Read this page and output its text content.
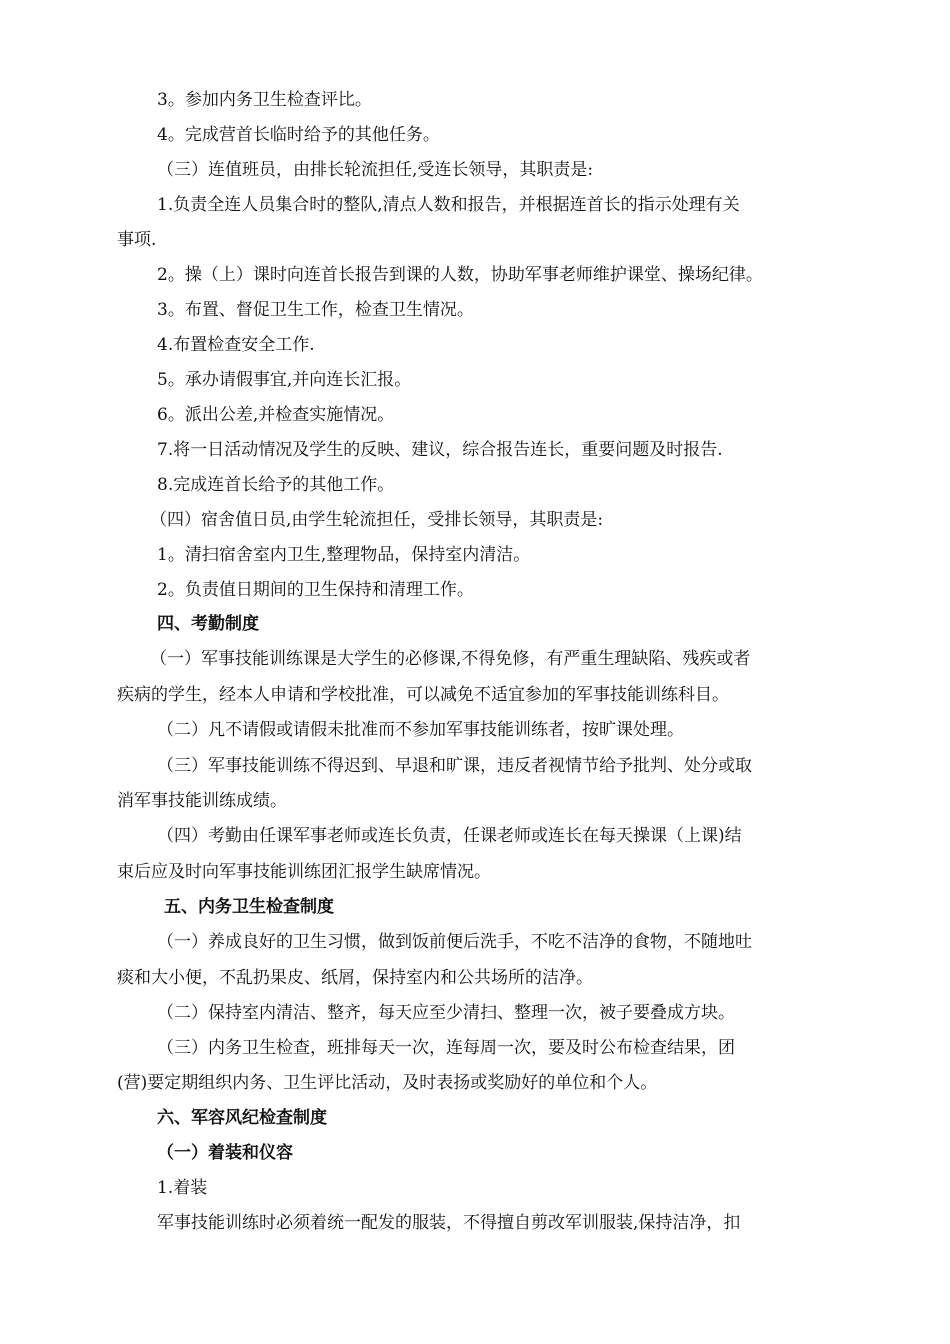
3。参加内务卫生检查评比。

4。完成营首长临时给予的其他任务。

（三）连值班员，由排长轮流担任,受连长领导，其职责是:

1.负责全连人员集合时的整队,清点人数和报告，并根据连首长的指示处理有关

事项.

2。操（上）课时向连首长报告到课的人数，协助军事老师维护课堂、操场纪律。

3。布置、督促卫生工作，检查卫生情况。

4.布置检查安全工作.

5。承办请假事宜,并向连长汇报。

6。派出公差,并检查实施情况。

7.将一日活动情况及学生的反映、建议，综合报告连长，重要问题及时报告.

8.完成连首长给予的其他工作。

（四）宿舍值日员,由学生轮流担任，受排长领导，其职责是:

1。清扫宿舍室内卫生,整理物品，保持室内清洁。

2。负责值日期间的卫生保持和清理工作。

四、考勤制度

（一）军事技能训练课是大学生的必修课,不得免修，有严重生理缺陷、残疾或者

疾病的学生，经本人申请和学校批准，可以减免不适宜参加的军事技能训练科目。

（二）凡不请假或请假未批准而不参加军事技能训练者，按旷课处理。

（三）军事技能训练不得迟到、早退和旷课，违反者视情节给予批判、处分或取

消军事技能训练成绩。

（四）考勤由任课军事老师或连长负责，任课老师或连长在每天操课（上课)结

束后应及时向军事技能训练团汇报学生缺席情况。

五、内务卫生检查制度

（一）养成良好的卫生习惯，做到饭前便后洗手，不吃不洁净的食物，不随地吐

痰和大小便，不乱扔果皮、纸屑，保持室内和公共场所的洁净。

（二）保持室内清洁、整齐，每天应至少清扫、整理一次，被子要叠成方块。

（三）内务卫生检查，班排每天一次，连每周一次，要及时公布检查结果，团

(营)要定期组织内务、卫生评比活动，及时表扬或奖励好的单位和个人。

六、军容风纪检查制度

（一）着装和仪容

1.着装

军事技能训练时必须着统一配发的服装，不得擅自剪改军训服装,保持洁净，扣
